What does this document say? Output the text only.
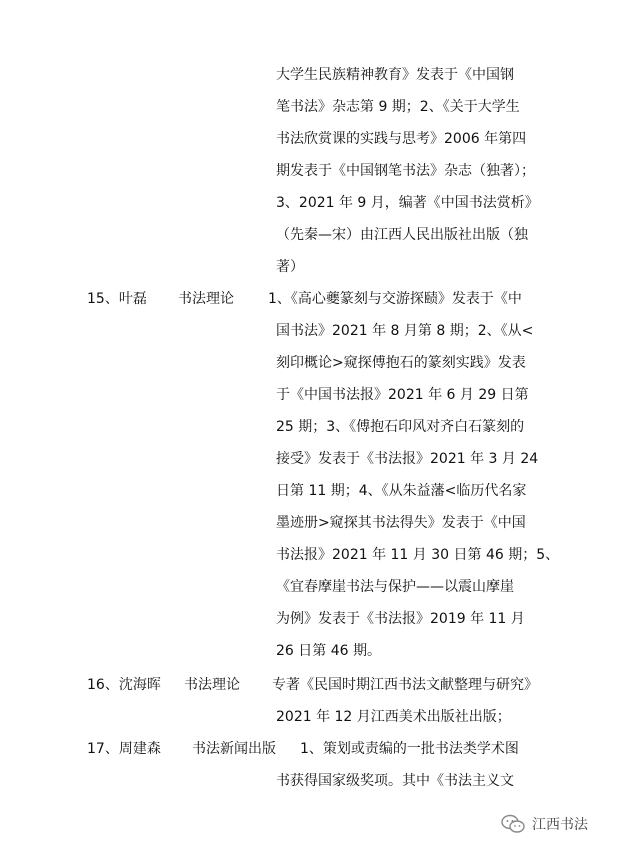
大学生民族精神教育》发表于《中国钢
笔书法》杂志第 9 期；2、《关于大学生
书法欣赏课的实践与思考》2006 年第四
期发表于《中国钢笔书法》杂志（独著）；
3、2021 年 9 月，编著《中国书法赏析》
（先秦—宋）由江西人民出版社出版（独
著）
15、叶磊 书法理论 1、《高心夔篆刻与交游探赜》发表于《中
国书法》2021 年 8 月第 8 期；2、《从<
刻印概论>窥探傅抱石的篆刻实践》发表
于《中国书法报》2021 年 6 月 29 日第
25 期；3、《傅抱石印风对齐白石篆刻的
接受》发表于《书法报》2021 年 3 月 24
日第 11 期；4、《从朱益藩<临历代名家
墨迹册>窥探其书法得失》发表于《中国
书法报》2021 年 11 月 30 日第 46 期；5、
《宜春摩崖书法与保护——以震山摩崖
为例》发表于《书法报》2019 年 11 月
26 日第 46 期。
16、沈海晖 书法理论 专著《民国时期江西书法文献整理与研究》
2021 年 12 月江西美术出版社出版；
17、周建森 书法新闻出版 1、策划或责编的一批书法类学术图
书获得国家级奖项。其中《书法主义文
江西书法
